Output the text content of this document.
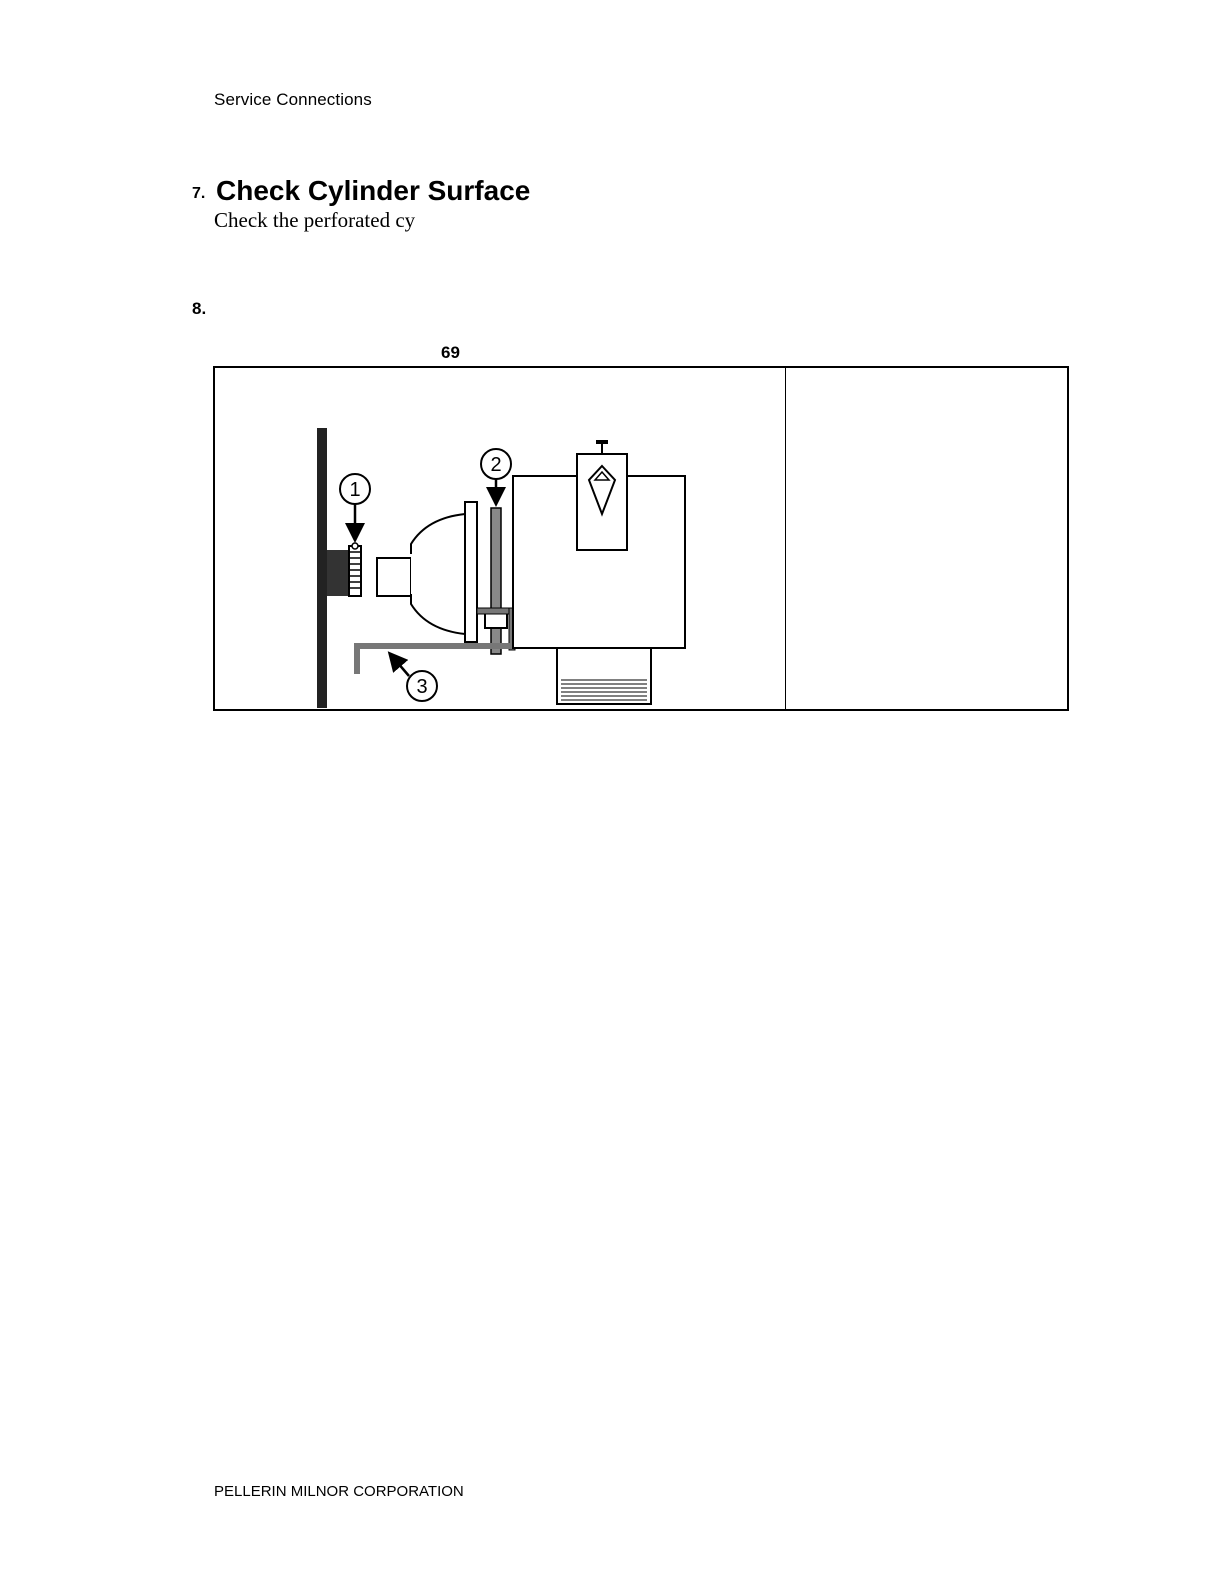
Service Connections
7. Check Cylinder Surface
Check the perforated cy
8.
69
1
2
3
PELLERIN MILNOR CORPORATION
